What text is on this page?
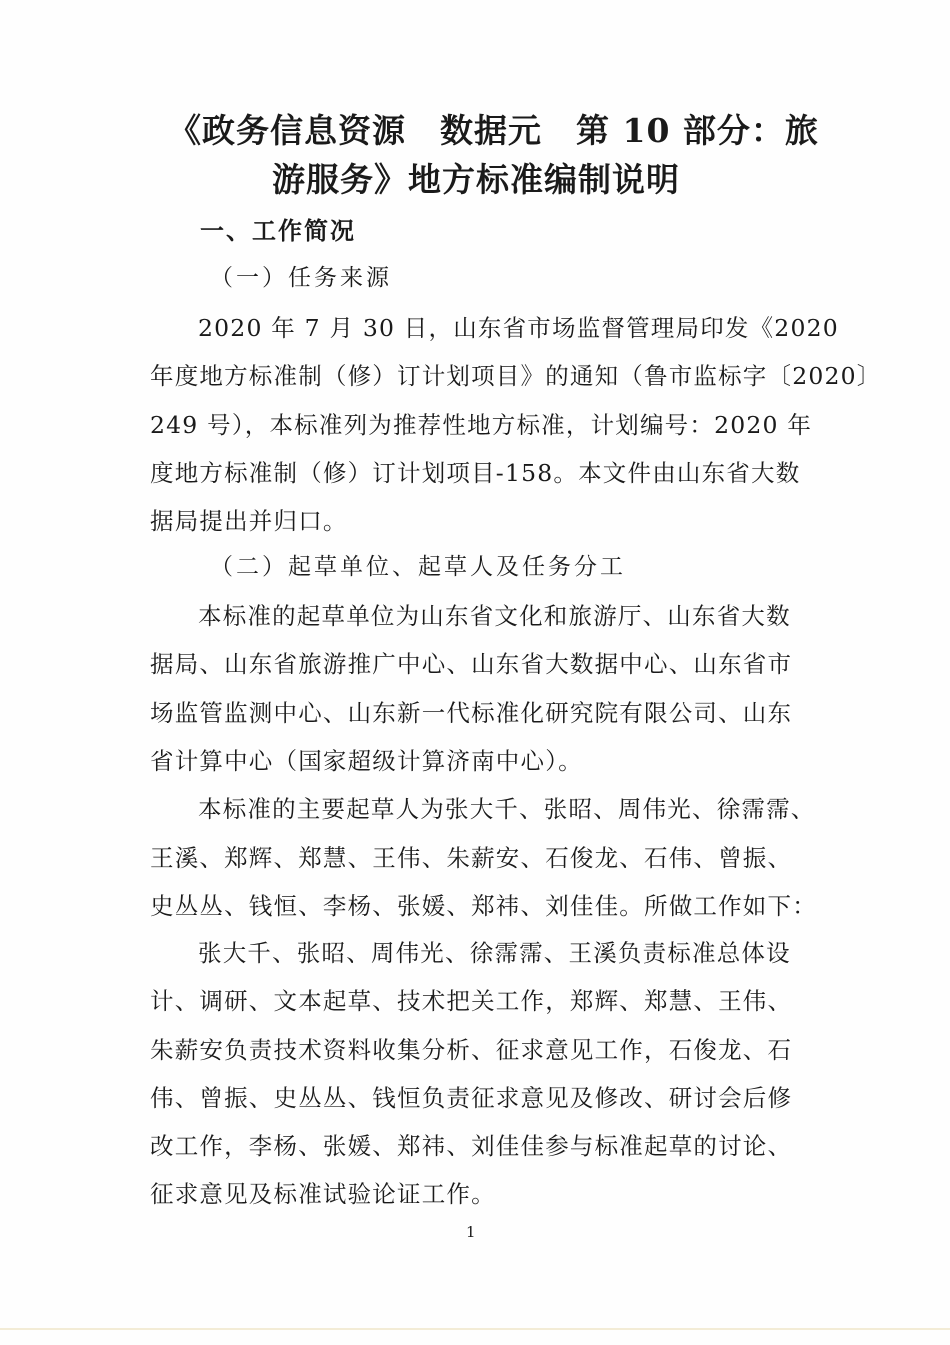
《政务信息资源　数据元　第 10 部分：旅
游服务》地方标准编制说明
一、工作简况
（一）任务来源
2020 年 7 月 30 日，山东省市场监督管理局印发《2020
年度地方标准制（修）订计划项目》的通知（鲁市监标字〔2020〕
249 号），本标准列为推荐性地方标准，计划编号：2020 年
度地方标准制（修）订计划项目-158。本文件由山东省大数
据局提出并归口。
（二）起草单位、起草人及任务分工
本标准的起草单位为山东省文化和旅游厅、山东省大数
据局、山东省旅游推广中心、山东省大数据中心、山东省市
场监管监测中心、山东新一代标准化研究院有限公司、山东
省计算中心（国家超级计算济南中心）。
本标准的主要起草人为张大千、张昭、周伟光、徐霈霈、
王溪、郑辉、郑慧、王伟、朱薪安、石俊龙、石伟、曾振、
史丛丛、钱恒、李杨、张媛、郑祎、刘佳佳。所做工作如下：
张大千、张昭、周伟光、徐霈霈、王溪负责标准总体设
计、调研、文本起草、技术把关工作，郑辉、郑慧、王伟、
朱薪安负责技术资料收集分析、征求意见工作，石俊龙、石
伟、曾振、史丛丛、钱恒负责征求意见及修改、研讨会后修
改工作，李杨、张媛、郑祎、刘佳佳参与标准起草的讨论、
征求意见及标准试验论证工作。
1
